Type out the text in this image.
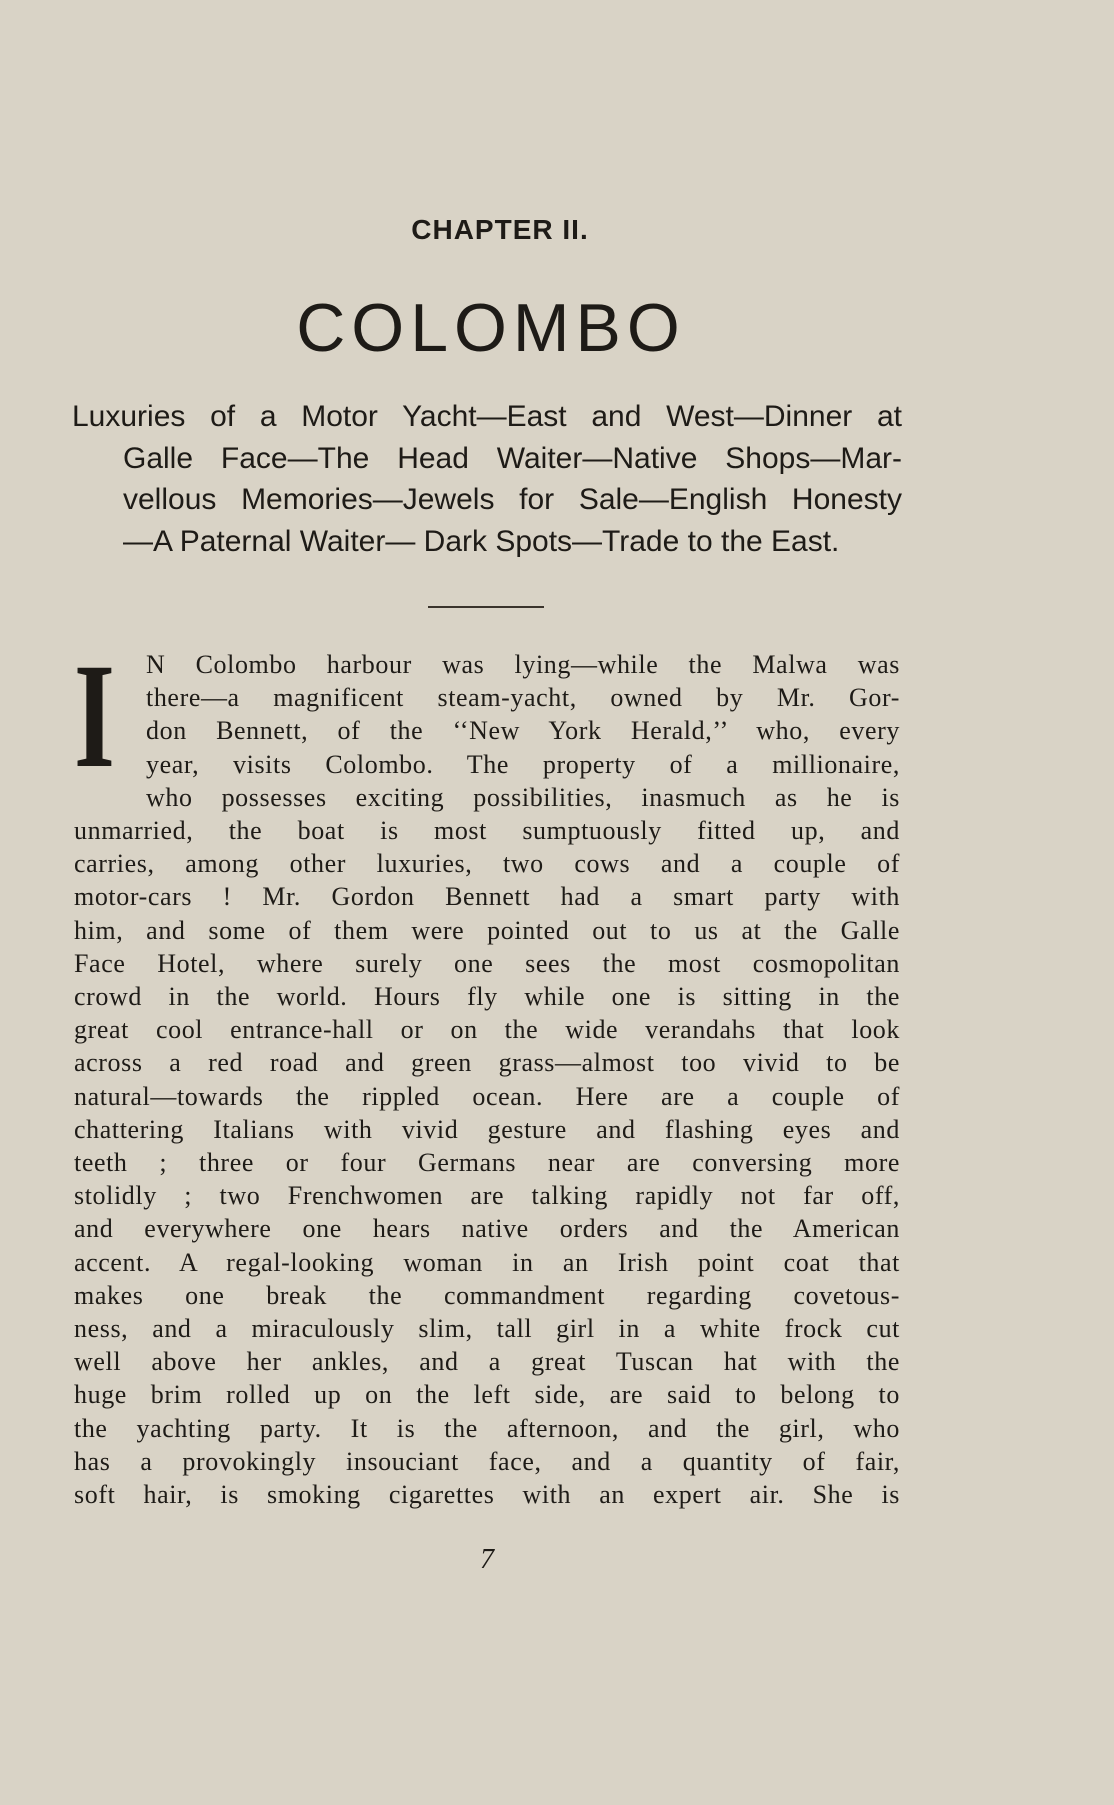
CHAPTER II.
COLOMBO
Luxuries of a Motor Yacht—East and West—Dinner at
Galle Face—The Head Waiter—Native Shops—Mar-
vellous Memories—Jewels for Sale—English Honesty
—A Paternal Waiter— Dark Spots—Trade to the East.
I	N Colombo harbour was lying—while the Malwa was
there—a magnificent steam-yacht, owned by Mr. Gor-
don Bennett, of the ‘‘New York Herald,’’ who, every
year, visits Colombo. The property of a millionaire,
who possesses exciting possibilities, inasmuch as he is
unmarried, the boat is most sumptuously fitted up, and
carries, among other luxuries, two cows and a couple of
motor-cars ! Mr. Gordon Bennett had a smart party with
him, and some of them were pointed out to us at the Galle
Face Hotel, where surely one sees the most cosmopolitan
crowd in the world. Hours fly while one is sitting in the
great cool entrance-hall or on the wide verandahs that look
across a red road and green grass—almost too vivid to be
natural—towards the rippled ocean. Here are a couple of
chattering Italians with vivid gesture and flashing eyes and
teeth ; three or four Germans near are conversing more
stolidly ; two Frenchwomen are talking rapidly not far off,
and everywhere one hears native orders and the American
accent. A regal-looking woman in an Irish point coat that
makes one break the commandment regarding covetous-
ness, and a miraculously slim, tall girl in a white frock cut
well above her ankles, and a great Tuscan hat with the
huge brim rolled up on the left side, are said to belong to
the yachting party. It is the afternoon, and the girl, who
has a provokingly insouciant face, and a quantity of fair,
soft hair, is smoking cigarettes with an expert air. She is
7
